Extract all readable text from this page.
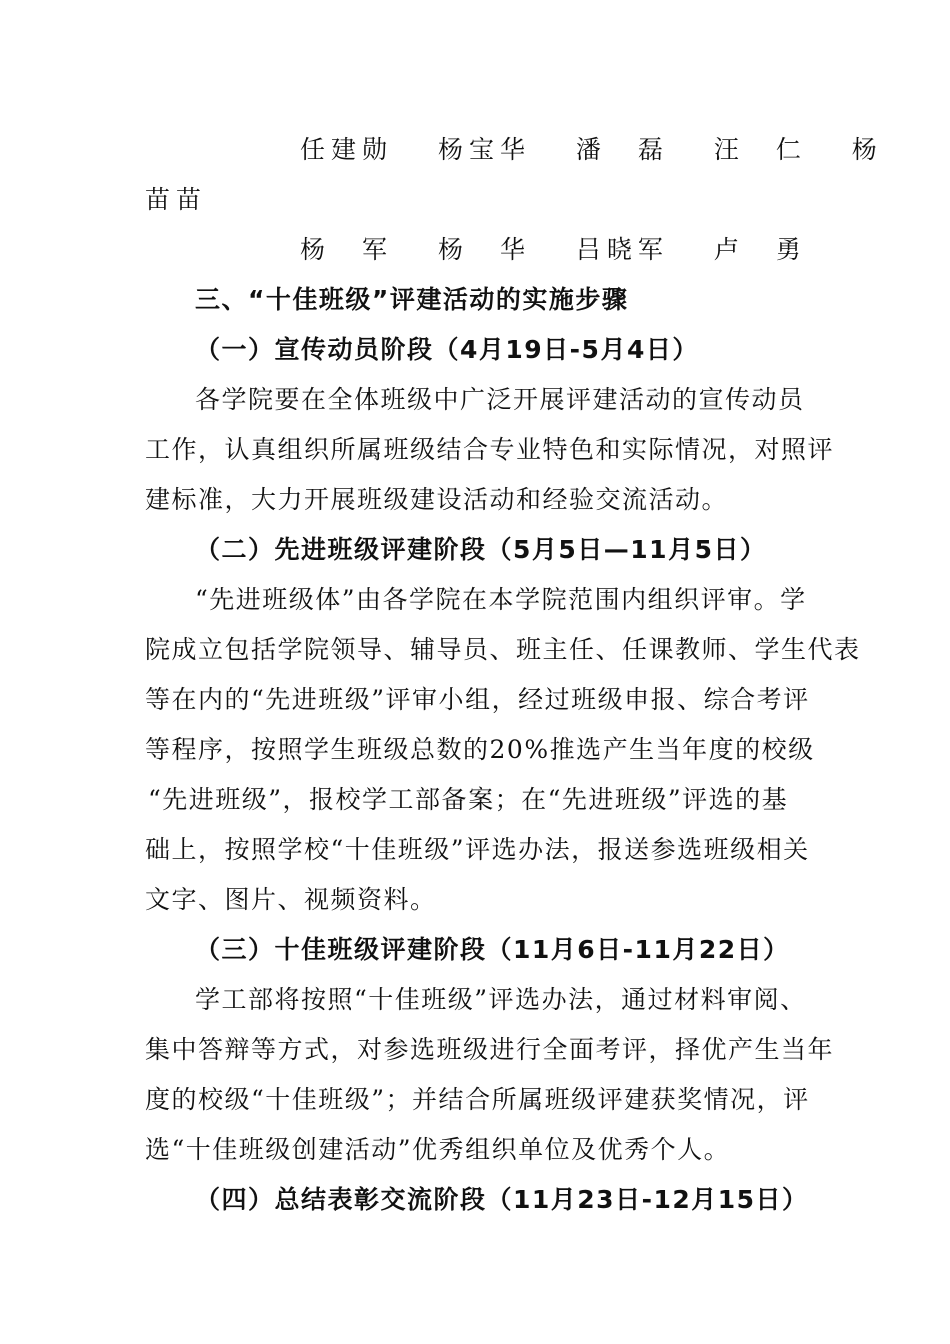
任建勋　 杨宝华　 潘　磊　 汪　仁　 杨
苗苗
杨　军　 杨　华　 吕晓军　 卢　勇
三、“十佳班级”评建活动的实施步骤
（一）宣传动员阶段（4月19日-5月4日）
各学院要在全体班级中广泛开展评建活动的宣传动员
工作，认真组织所属班级结合专业特色和实际情况，对照评
建标准，大力开展班级建设活动和经验交流活动。
（二）先进班级评建阶段（5月5日—11月5日）
“先进班级体”由各学院在本学院范围内组织评审。学
院成立包括学院领导、辅导员、班主任、任课教师、学生代表
等在内的“先进班级”评审小组，经过班级申报、综合考评
等程序，按照学生班级总数的20%推选产生当年度的校级
“先进班级”，报校学工部备案；在“先进班级”评选的基
础上，按照学校“十佳班级”评选办法，报送参选班级相关
文字、图片、视频资料。
（三）十佳班级评建阶段（11月6日-11月22日）
学工部将按照“十佳班级”评选办法，通过材料审阅、
集中答辩等方式，对参选班级进行全面考评，择优产生当年
度的校级“十佳班级”；并结合所属班级评建获奖情况，评
选“十佳班级创建活动”优秀组织单位及优秀个人。
（四）总结表彰交流阶段（11月23日-12月15日）
